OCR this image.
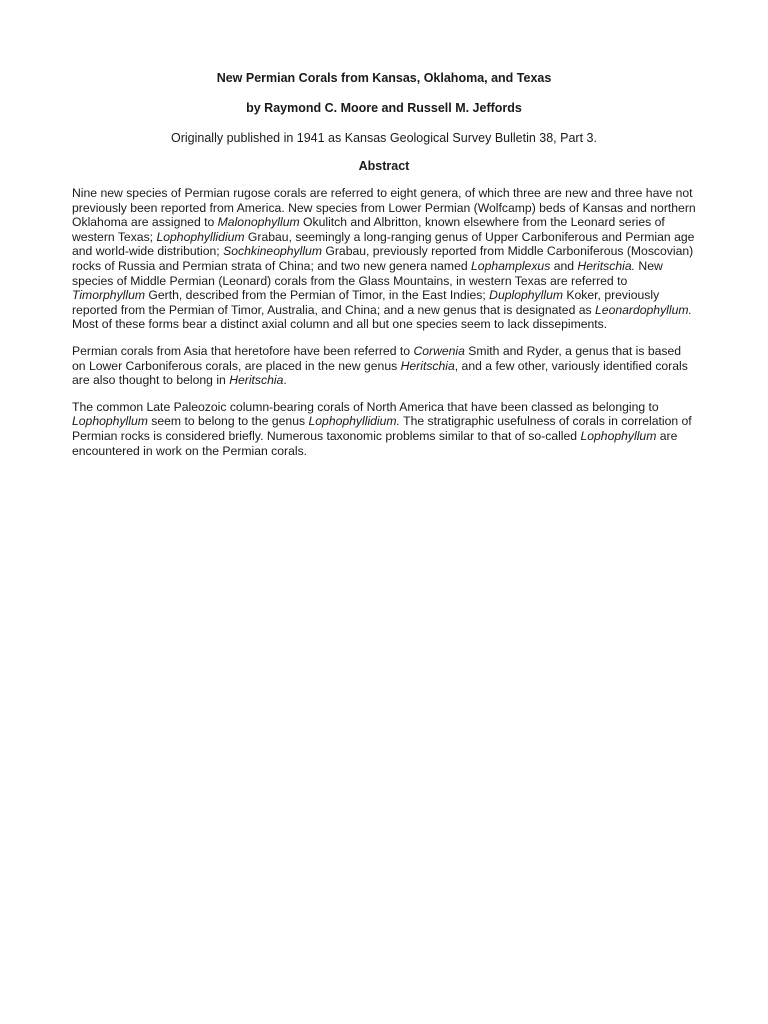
New Permian Corals from Kansas, Oklahoma, and Texas
by Raymond C. Moore and Russell M. Jeffords
Originally published in 1941 as Kansas Geological Survey Bulletin 38, Part 3.
Abstract

Nine new species of Permian rugose corals are referred to eight genera, of which three are new and three have not previously been reported from America. New species from Lower Permian (Wolfcamp) beds of Kansas and northern Oklahoma are assigned to Malonophyllum Okulitch and Albritton, known elsewhere from the Leonard series of western Texas; Lophophyllidium Grabau, seemingly a long-ranging genus of Upper Carboniferous and Permian age and world-wide distribution; Sochkineophyllum Grabau, previously reported from Middle Carboniferous (Moscovian) rocks of Russia and Permian strata of China; and two new genera named Lophamplexus and Heritschia. New species of Middle Permian (Leonard) corals from the Glass Mountains, in western Texas are referred to Timorphyllum Gerth, described from the Permian of Timor, in the East Indies; Duplophyllum Koker, previously reported from the Permian of Timor, Australia, and China; and a new genus that is designated as Leonardophyllum. Most of these forms bear a distinct axial column and all but one species seem to lack dissepiments.

Permian corals from Asia that heretofore have been referred to Corwenia Smith and Ryder, a genus that is based on Lower Carboniferous corals, are placed in the new genus Heritschia, and a few other, variously identified corals are also thought to belong in Heritschia.

The common Late Paleozoic column-bearing corals of North America that have been classed as belonging to Lophophyllum seem to belong to the genus Lophophyllidium. The stratigraphic usefulness of corals in correlation of Permian rocks is considered briefly. Numerous taxonomic problems similar to that of so-called Lophophyllum are encountered in work on the Permian corals.
